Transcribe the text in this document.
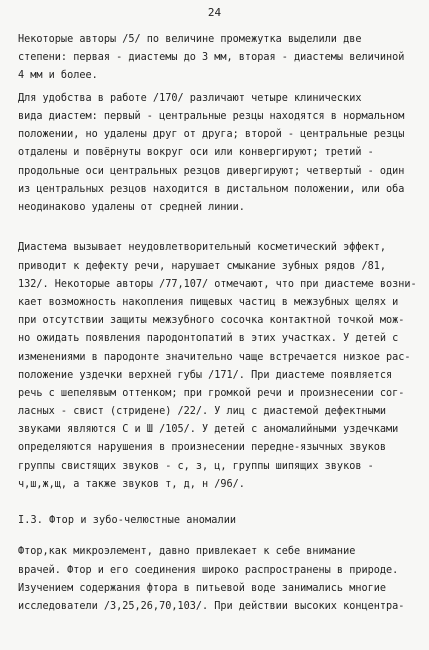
24
Некоторые авторы /5/ по величине промежутка выделили две
степени: первая - диастемы до 3 мм, вторая - диастемы величиной
4 мм и более.
Для удобства в работе /170/ различают четыре клинических
вида диастем: первый - центральные резцы находятся в нормальном
положении, но удалены друг от друга; второй - центральные резцы
отдалены и повёрнуты вокруг оси или конвергируют; третий -
продольные оси центральных резцов дивергируют; четвертый - один
из центральных резцов находится в дистальном положении, или оба
неодинаково удалены от средней линии.
Диастема вызывает неудовлетворительный косметический эффект,
приводит к дефекту речи, нарушает смыкание зубных рядов /81,
132/. Некоторые авторы /77,107/ отмечают, что при диастеме возни-
кает возможность накопления пищевых частиц в межзубных щелях и
при отсутствии защиты межзубного сосочка контактной точкой мож-
но ожидать появления пародонтопатий в этих участках. У детей с
изменениями в пародонте значительно чаще встречается низкое рас-
положение уздечки верхней губы /171/. При диастеме появляется
речь с шепелявым оттенком; при громкой речи и произнесении сог-
ласных - свист (стридене) /22/. У лиц с диастемой дефектными
звуками являются С и Ш /105/. У детей с аномалийными уздечками
определяются нарушения в произнесении передне-язычных звуков
группы свистящих звуков - с, з, ц, группы шипящих звуков -
ч,ш,ж,щ, а также звуков т, д, н /96/.
I.3. Фтор и зубо-челюстные аномалии
Фтор,как микроэлемент, давно привлекает к себе внимание
врачей. Фтор и его соединения широко распространены в природе.
Изучением содержания фтора в питьевой воде занимались многие
исследователи /3,25,26,70,103/. При действии высоких концентра-
